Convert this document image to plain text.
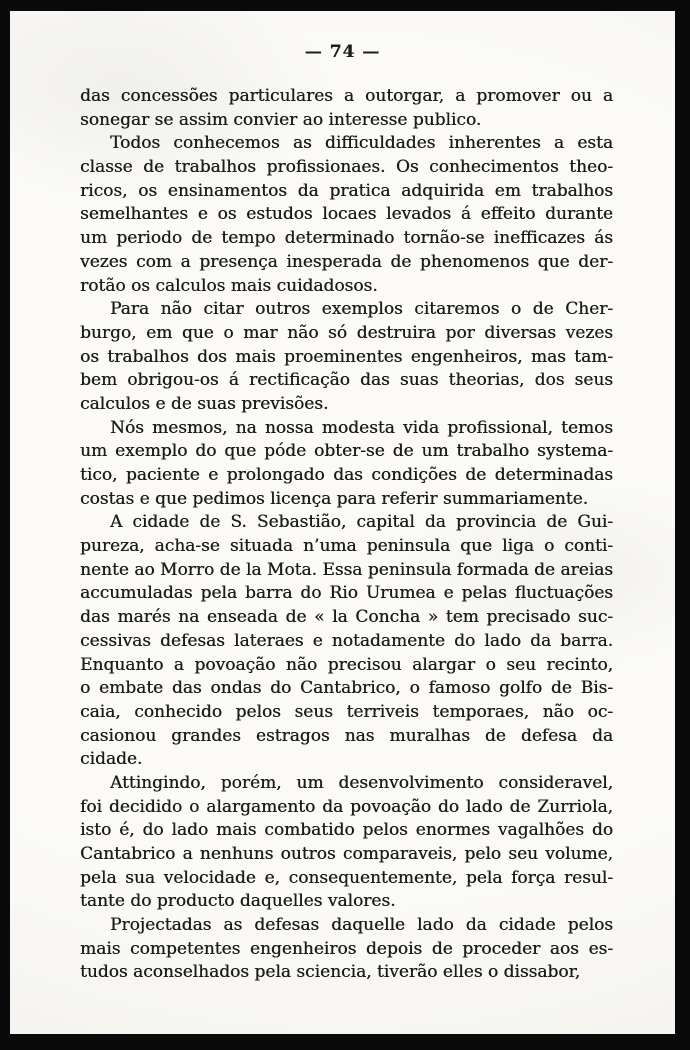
— 74 —
das concessões particulares a outorgar, a promover ou a
sonegar se assim convier ao interesse publico.
Todos conhecemos as difficuldades inherentes a esta
classe de trabalhos profissionaes. Os conhecimentos theo-
ricos, os ensinamentos da pratica adquirida em trabalhos
semelhantes e os estudos locaes levados á effeito durante
um periodo de tempo determinado tornão-se inefficazes ás
vezes com a presença inesperada de phenomenos que der-
rotão os calculos mais cuidadosos.
Para não citar outros exemplos citaremos o de Cher-
burgo, em que o mar não só destruira por diversas vezes
os trabalhos dos mais proeminentes engenheiros, mas tam-
bem obrigou-os á rectificação das suas theorias, dos seus
calculos e de suas previsões.
Nós mesmos, na nossa modesta vida profissional, temos
um exemplo do que póde obter-se de um trabalho systema-
tico, paciente e prolongado das condições de determinadas
costas e que pedimos licença para referir summariamente.
A cidade de S. Sebastião, capital da provincia de Gui-
pureza, acha-se situada n’uma peninsula que liga o conti-
nente ao Morro de la Mota. Essa peninsula formada de areias
accumuladas pela barra do Rio Urumea e pelas fluctuações
das marés na enseada de « la Concha » tem precisado suc-
cessivas defesas lateraes e notadamente do lado da barra.
Enquanto a povoação não precisou alargar o seu recinto,
o embate das ondas do Cantabrico, o famoso golfo de Bis-
caia, conhecido pelos seus terriveis temporaes, não oc-
casionou grandes estragos nas muralhas de defesa da
cidade.
Attingindo, porém, um desenvolvimento consideravel,
foi decidido o alargamento da povoação do lado de Zurriola,
isto é, do lado mais combatido pelos enormes vagalhões do
Cantabrico a nenhuns outros comparaveis, pelo seu volume,
pela sua velocidade e, consequentemente, pela força resul-
tante do producto daquelles valores.
Projectadas as defesas daquelle lado da cidade pelos
mais competentes engenheiros depois de proceder aos es-
tudos aconselhados pela sciencia, tiverão elles o dissabor,
